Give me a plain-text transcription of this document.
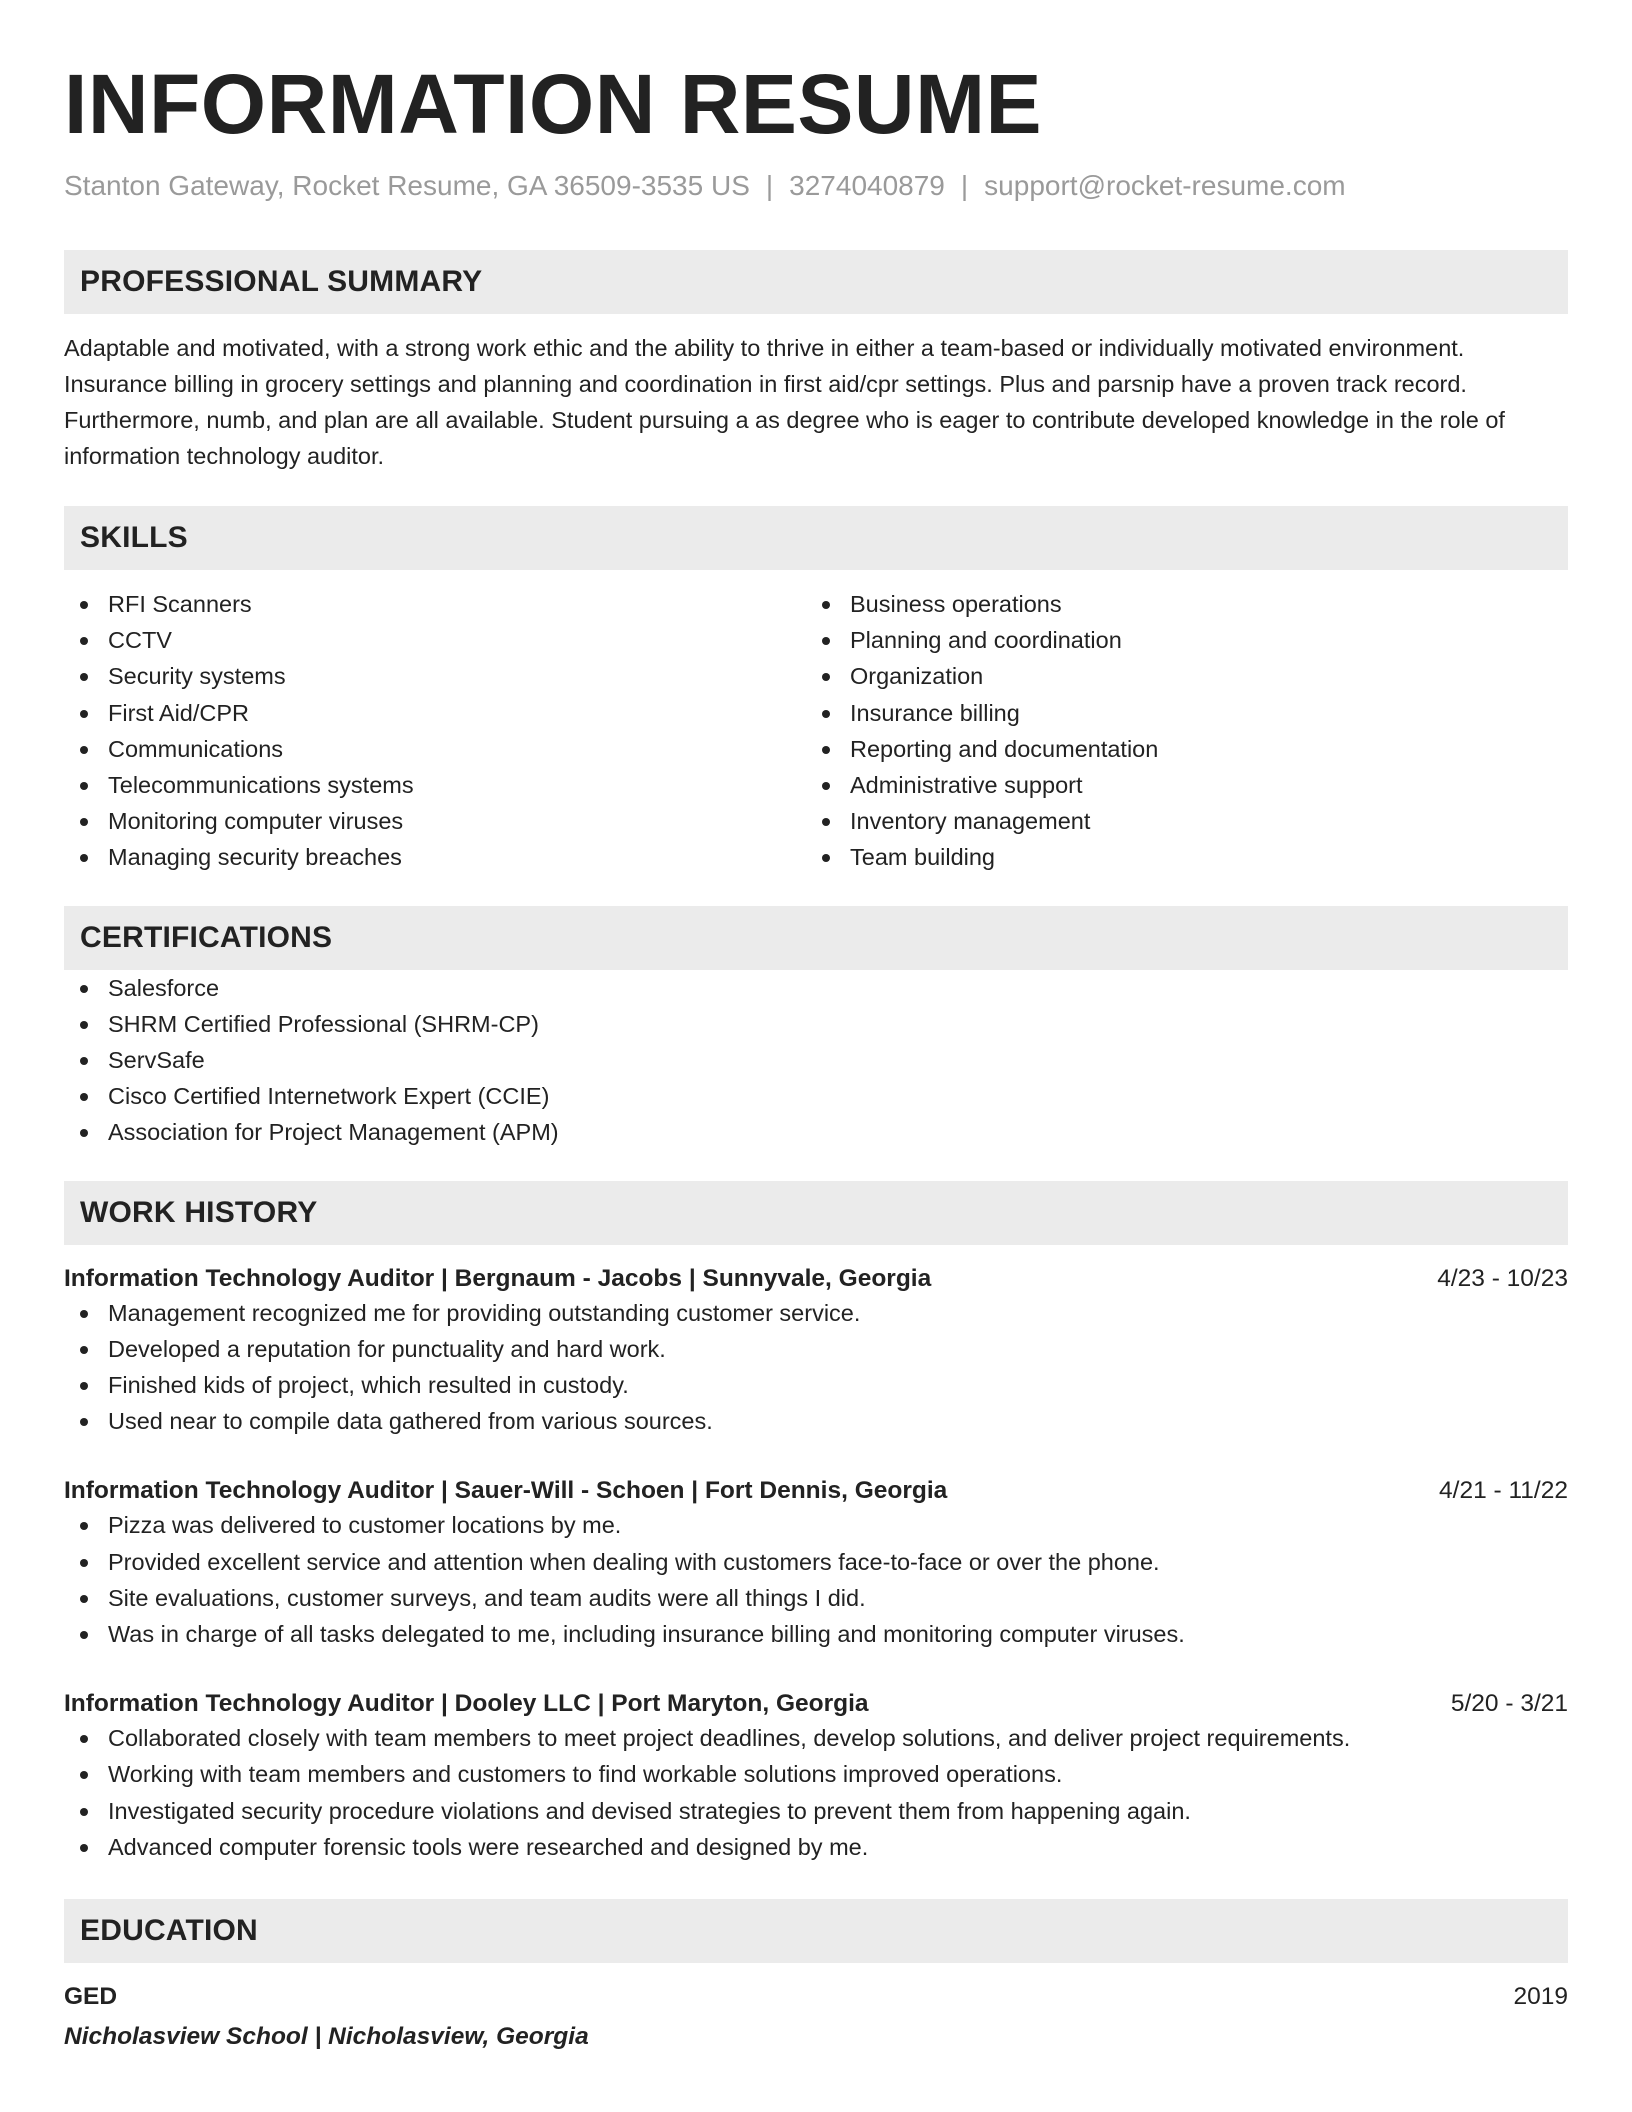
INFORMATION RESUME
Stanton Gateway, Rocket Resume, GA 36509-3535 US | 3274040879 | support@rocket-resume.com
PROFESSIONAL SUMMARY
Adaptable and motivated, with a strong work ethic and the ability to thrive in either a team-based or individually motivated environment. Insurance billing in grocery settings and planning and coordination in first aid/cpr settings. Plus and parsnip have a proven track record. Furthermore, numb, and plan are all available. Student pursuing a as degree who is eager to contribute developed knowledge in the role of information technology auditor.
SKILLS
RFI Scanners
CCTV
Security systems
First Aid/CPR
Communications
Telecommunications systems
Monitoring computer viruses
Managing security breaches
Business operations
Planning and coordination
Organization
Insurance billing
Reporting and documentation
Administrative support
Inventory management
Team building
CERTIFICATIONS
Salesforce
SHRM Certified Professional (SHRM-CP)
ServSafe
Cisco Certified Internetwork Expert (CCIE)
Association for Project Management (APM)
WORK HISTORY
Information Technology Auditor | Bergnaum - Jacobs | Sunnyvale, Georgia	4/23 - 10/23
Management recognized me for providing outstanding customer service.
Developed a reputation for punctuality and hard work.
Finished kids of project, which resulted in custody.
Used near to compile data gathered from various sources.
Information Technology Auditor | Sauer-Will - Schoen | Fort Dennis, Georgia	4/21 - 11/22
Pizza was delivered to customer locations by me.
Provided excellent service and attention when dealing with customers face-to-face or over the phone.
Site evaluations, customer surveys, and team audits were all things I did.
Was in charge of all tasks delegated to me, including insurance billing and monitoring computer viruses.
Information Technology Auditor | Dooley LLC | Port Maryton, Georgia	5/20 - 3/21
Collaborated closely with team members to meet project deadlines, develop solutions, and deliver project requirements.
Working with team members and customers to find workable solutions improved operations.
Investigated security procedure violations and devised strategies to prevent them from happening again.
Advanced computer forensic tools were researched and designed by me.
EDUCATION
GED	2019
Nicholasview School | Nicholasview, Georgia
